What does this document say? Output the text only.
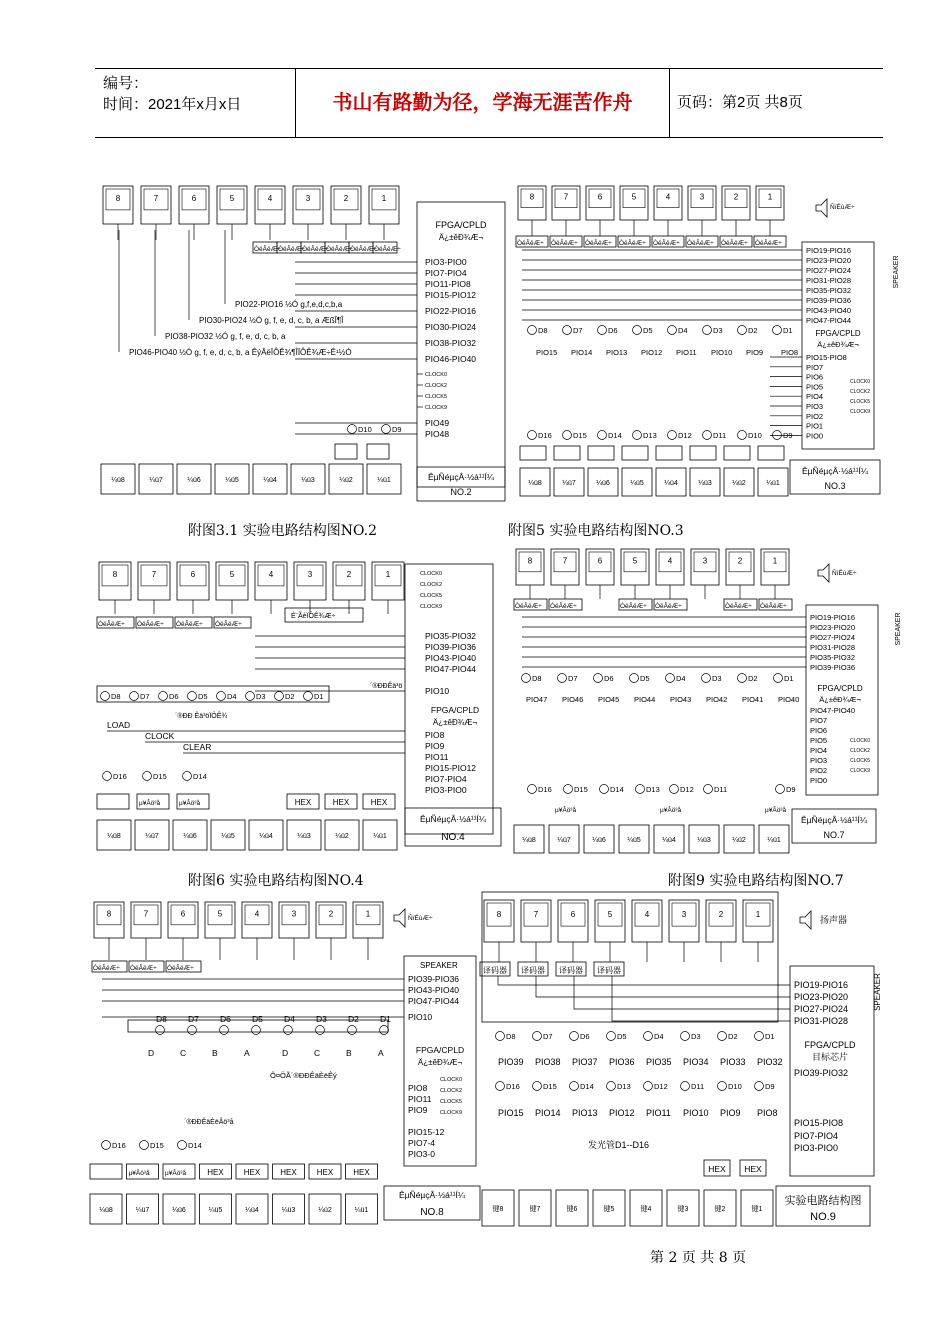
编号：
时间：2021年x月x日	书山有路勤为径，学海无涯苦作舟	页码：第2页 共8页
8	7	6	5	4	3	2	1
ÒëÂëÆ÷
ÒëÂëÆ÷
ÒëÂëÆ÷
ÒëÂëÆ÷
ÒëÂëÆ÷
ÒëÂëÆ÷
FPGA/CPLD
Ä¿±êÐ¾Æ¬
PIO3-PIO0
PIO7-PIO4
PIO11-PIO8
PIO15-PIO12
PIO22-PIO16
PIO30-PIO24
PIO38-PIO32
PIO46-PIO40
PIO49
PIO48
CLOCK0
CLOCK2
CLOCK5
CLOCK9
PIO22-PIO16 ½Ó g,f,e,d,c,b,a
PIO30-PIO24 ½Ó g, f, e, d, c, b, a ÆßÎ¶Î
PIO38-PIO32 ½Ó g, f, e, d, c, b, a
PIO46-PIO40 ½Ó g, f, e, d, c, b, a ÊýÂëÏÔÊ¾¶ÎÏÔÊ¾Æ÷Ê¹½Ó
D10	D9
¼ü8	¼ü7	¼ü6	¼ü5	¼ü4	¼ü3	¼ü2	¼ü1	ÊµÑéµçÂ·½á¹¹Í¼
NO.2
8	7	6	5	4	3	2	1
ÒëÂëÆ÷ ÒëÂëÆ÷ ÒëÂëÆ÷ ÒëÂëÆ÷ ÒëÂëÆ÷ ÒëÂëÆ÷ ÒëÂëÆ÷ ÒëÂëÆ÷
ÑïÉùÆ÷
SPEAKER
PIO19-PIO16
PIO23-PIO20
PIO27-PIO24
PIO31-PIO28
PIO35-PIO32
PIO39-PIO36
PIO43-PIO40
PIO47-PIO44
FPGA/CPLD
Ä¿±êÐ¾Æ¬
PIO15-PIO8
PIO7
PIO6
PIO5
PIO4
PIO3
PIO2
PIO1
PIO0
CLOCK0
CLOCK2
CLOCK5
CLOCK9
D8	D7	D6	D5	D4	D3	D2	D1
PIO15 PIO14 PIO13 PIO12 PIO11 PIO10 PIO9 PIO8
D16	D15	D14	D13	D12	D11	D10	D9
¼ü8	¼ü7	¼ü6	¼ü5	¼ü4	¼ü3	¼ü2	¼ü1
ÊµÑéµçÂ·½á¹¹Í¼
NO.3
附图3.1 实验电路结构图NO.2	附图5 实验电路结构图NO.3
8	7	6	5	4	3	2	1
ÒëÂëÆ÷ ÒëÂëÆ÷ ÒëÂëÆ÷ ÒëÂëÆ÷
É¨ÃèÏÔÊ¾Æ÷
CLOCK0
CLOCK2
CLOCK5
CLOCK9
PIO35-PIO32
PIO39-PIO36
PIO43-PIO40
PIO47-PIO44
PIO10
´®ÐÐÊä³ö
D8	D7	D6	D5	D4	D3	D2	D1
´®ÐÐ Êä³öÏÔÊ¾
LOAD
CLOCK
CLEAR
FPGA/CPLD
Ä¿±êÐ¾Æ¬
PIO8
PIO9
PIO11
PIO15-PIO12
PIO7-PIO4
PIO3-PIO0
D16	D15	D14
µ¥Âö³å	µ¥Âö³å	HEX	HEX	HEX
¼ü8	¼ü7	¼ü6	¼ü5	¼ü4	¼ü3	¼ü2	¼ü1
ÊµÑéµçÂ·½á¹¹Í¼
NO.4
8	7	6	5	4	3	2	1
ÒëÂëÆ÷ ÒëÂëÆ÷	ÒëÂëÆ÷ ÒëÂëÆ÷	ÒëÂëÆ÷ ÒëÂëÆ÷
ÑïÉùÆ÷
SPEAKER
PIO19-PIO16
PIO23-PIO20
PIO27-PIO24
PIO31-PIO28
PIO35-PIO32
PIO39-PIO36
D8	D7	D6	D5	D4	D3	D2	D1
PIO47 PIO46 PIO45 PIO44 PIO43 PIO42 PIO41 PIO40
FPGA/CPLD
Ä¿±êÐ¾Æ¬
PIO47-PIO40
PIO7
PIO6
PIO5
PIO4
PIO3
PIO2
PIO0
CLOCK0
CLOCK2
CLOCK5
CLOCK9
D16	D15	D14	D13	D12	D11	D9
µ¥Âö³å	µ¥Âö³å	µ¥Âö³å
¼ü8	¼ü7	¼ü6	¼ü5	¼ü4	¼ü3	¼ü2	¼ü1
ÊµÑéµçÂ·½á¹¹Í¼
NO.7
附图6 实验电路结构图NO.4	附图9 实验电路结构图NO.7
8	7	6	5	4	3	2	1
ÑïÉùÆ÷
ÒëÂëÆ÷ ÒëÂëÆ÷ ÒëÂëÆ÷	SPEAKER
PIO39-PIO36
PIO43-PIO40
PIO47-PIO44
PIO10
D8 D7 D6 D5 D4 D3 D2 D1
D	C	B	A	D	C	B	A	FPGA/CPLD
Ä¿±êÐ¾Æ¬
CLOCK0
CLOCK2
CLOCK5
CLOCK9
PIO8
PIO11
PIO9
PIO15-12
PIO7-4
PIO3-0
Ô¤ÖÃ´®ÐÐÊäÈëÊý
´®ÐÐÊäÈëÂö³å
D16	D15	D14
µ¥Âö³å µ¥Âö³å	HEX	HEX	HEX	HEX	HEX
¼ü8	¼ü7	¼ü6	¼ü5	¼ü4	¼ü3	¼ü2	¼ü1
ÊµÑéµçÂ·½á¹¹Í¼
NO.8
8	7	6	5	4	3	2	1
译码器 译码器 译码器 译码器
扬声器
SPEAKER
PIO19-PIO16
PIO23-PIO20
PIO27-PIO24
PIO31-PIO28
FPGA/CPLD
目标芯片
PIO39-PIO32
PIO15-PIO8
PIO7-PIO4
PIO3-PIO0
D8	D7	D6	D5	D4	D3	D2	D1
PIO39 PIO38 PIO37 PIO36 PIO35 PIO34 PIO33 PIO32
D16	D15	D14	D13	D12	D11	D10	D9
PIO15 PIO14 PIO13 PIO12 PIO11 PIO10 PIO9 PIO8
发光管D1--D16
HEX HEX
键8	键7	键6	键5	键4	键3	键2	键1
实验电路结构图
NO.9
第 2 页 共 8 页
